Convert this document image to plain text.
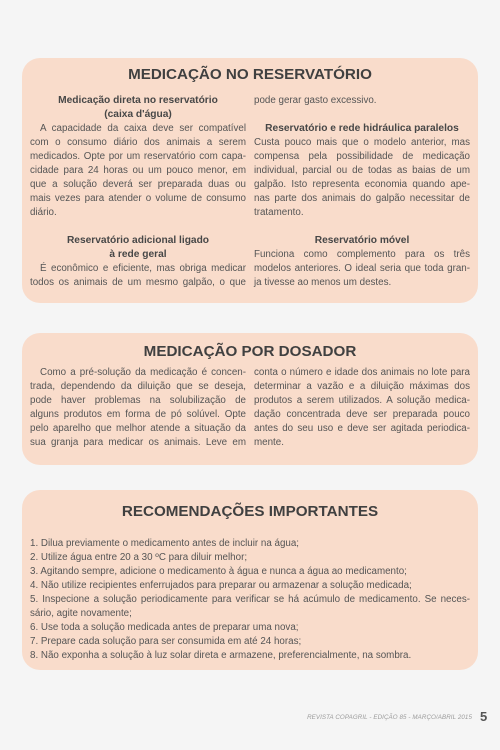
MEDICAÇÃO NO RESERVATÓRIO
Medicação direta no reservatório
(caixa d'água)
A capacidade da caixa deve ser compatível
com o consumo diário dos animais a serem
medicados. Opte por um reservatório com capa-
cidade para 24 horas ou um pouco menor, em
que a solução deverá ser preparada duas ou
mais vezes para atender o volume de consumo
diário.
Reservatório adicional ligado
à rede geral
É econômico e eficiente, mas obriga medicar
todos os animais de um mesmo galpão, o que
pode gerar gasto excessivo.
Reservatório e rede hidráulica paralelos
Custa pouco mais que o modelo anterior, mas
compensa pela possibilidade de medicação
individual, parcial ou de todas as baias de um
galpão. Isto representa economia quando ape-
nas parte dos animais do galpão necessitar de
tratamento.
Reservatório móvel
Funciona como complemento para os três
modelos anteriores. O ideal seria que toda gran-
ja tivesse ao menos um destes.
MEDICAÇÃO POR DOSADOR
Como a pré-solução da medicação é concen-
trada, dependendo da diluição que se deseja,
pode haver problemas na solubilização de
alguns produtos em forma de pó solúvel. Opte
pelo aparelho que melhor atende a situação da
sua granja para medicar os animais. Leve em
conta o número e idade dos animais no lote para
determinar a vazão e a diluição máximas dos
produtos a serem utilizados. A solução medica-
dação concentrada deve ser preparada pouco
antes do seu uso e deve ser agitada periodica-
mente.
RECOMENDAÇÕES IMPORTANTES
1. Dilua previamente o medicamento antes de incluir na água;
2. Utilize água entre 20 a 30 ºC para diluir melhor;
3. Agitando sempre, adicione o medicamento à água e nunca a água ao medicamento;
4. Não utilize recipientes enferrujados para preparar ou armazenar a solução medicada;
5. Inspecione a solução periodicamente para verificar se há acúmulo de medicamento. Se neces-
sário, agite novamente;
6. Use toda a solução medicada antes de preparar uma nova;
7. Prepare cada solução para ser consumida em até 24 horas;
8. Não exponha a solução à luz solar direta e armazene, preferencialmente, na sombra.
REVISTA COPAGRIL - EDIÇÃO 85 - MARÇO/ABRIL 2015 5
